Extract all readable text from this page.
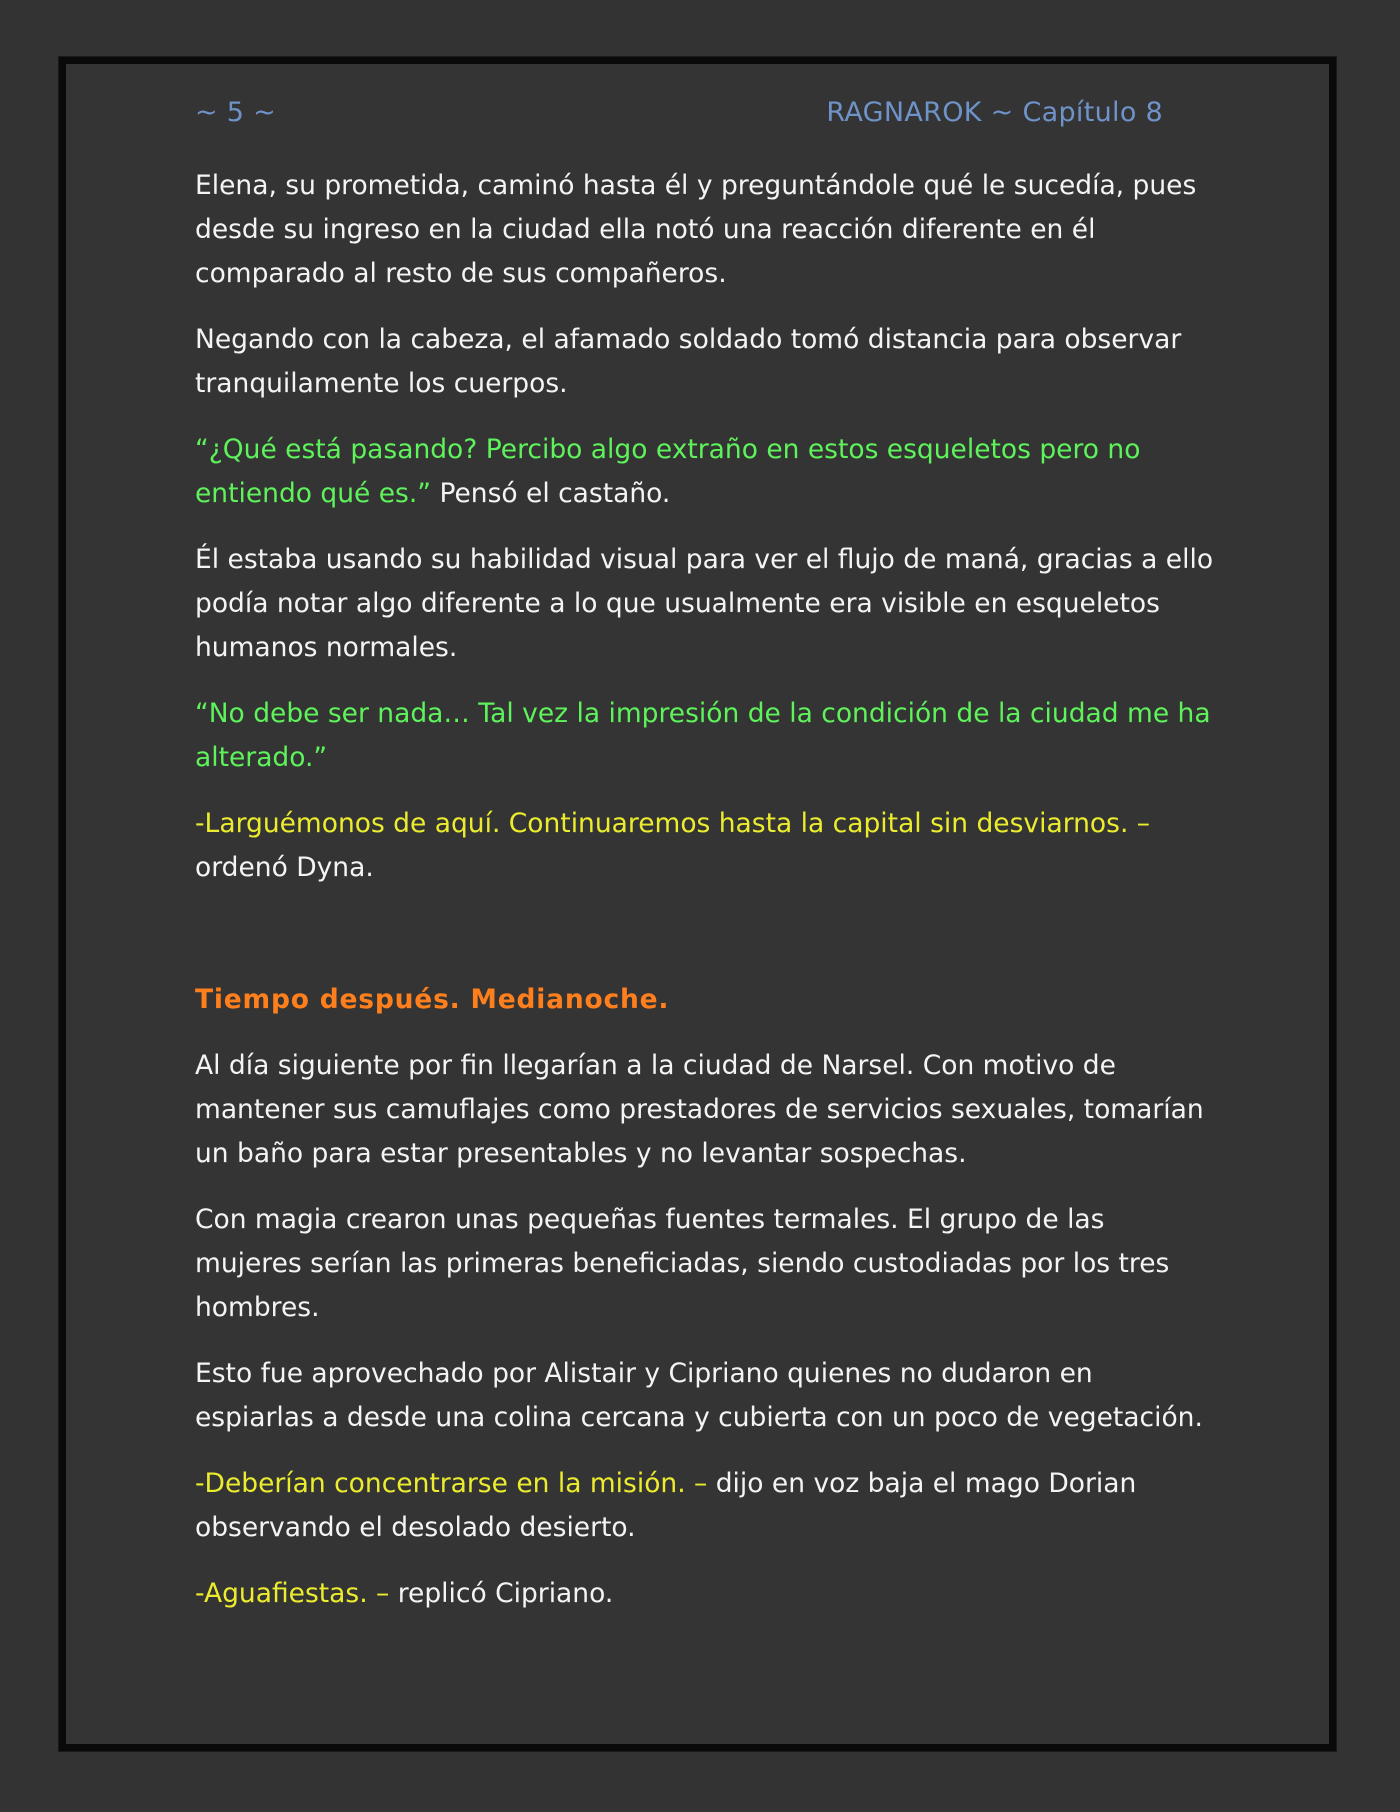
~ 5 ~	RAGNAROK ~ Capítulo 8

Elena, su prometida, caminó hasta él y preguntándole qué le sucedía, pues desde su ingreso en la ciudad ella notó una reacción diferente en él comparado al resto de sus compañeros.

Negando con la cabeza, el afamado soldado tomó distancia para observar tranquilamente los cuerpos.

“¿Qué está pasando? Percibo algo extraño en estos esqueletos pero no entiendo qué es.” Pensó el castaño.

Él estaba usando su habilidad visual para ver el flujo de maná, gracias a ello podía notar algo diferente a lo que usualmente era visible en esqueletos humanos normales.

“No debe ser nada… Tal vez la impresión de la condición de la ciudad me ha alterado.”

-Larguémonos de aquí. Continuaremos hasta la capital sin desviarnos. – ordenó Dyna.

Tiempo después. Medianoche.

Al día siguiente por fin llegarían a la ciudad de Narsel. Con motivo de mantener sus camuflajes como prestadores de servicios sexuales, tomarían un baño para estar presentables y no levantar sospechas.

Con magia crearon unas pequeñas fuentes termales. El grupo de las mujeres serían las primeras beneficiadas, siendo custodiadas por los tres hombres.

Esto fue aprovechado por Alistair y Cipriano quienes no dudaron en espiarlas a desde una colina cercana y cubierta con un poco de vegetación.

-Deberían concentrarse en la misión. – dijo en voz baja el mago Dorian observando el desolado desierto.

-Aguafiestas. – replicó Cipriano.
